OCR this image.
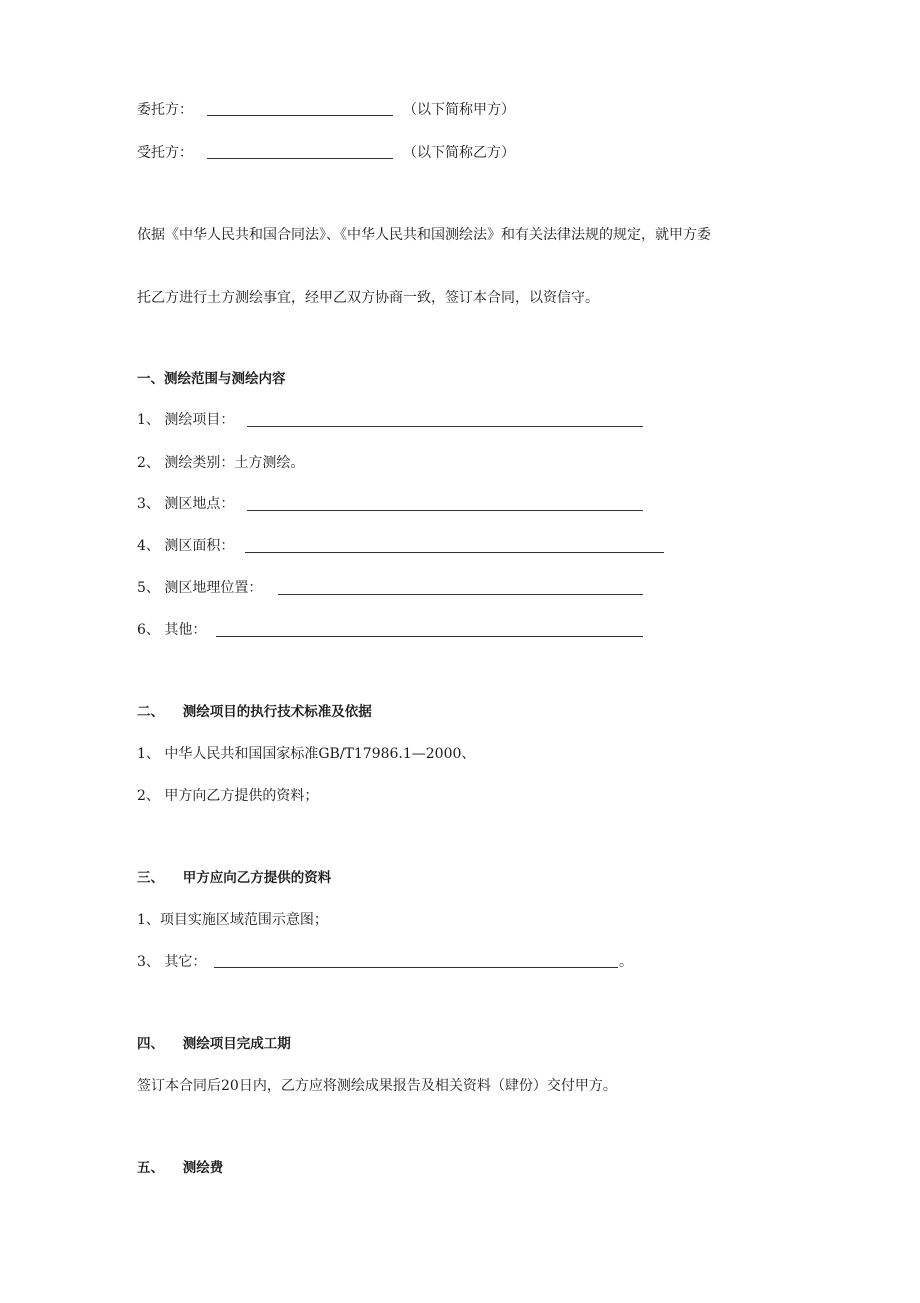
委托方：	（以下简称甲方）
受托方：	（以下简称乙方）
依据《中华人民共和国合同法》、《中华人民共和国测绘法》和有关法律法规的规定，就甲方委
托乙方进行土方测绘事宜，经甲乙双方协商一致，签订本合同，以资信守。
一、测绘范围与测绘内容
1、 测绘项目：
2、 测绘类别：土方测绘。
3、 测区地点：
4、 测区面积：
5、 测区地理位置：
6、 其他：
二、    测绘项目的执行技术标准及依据
1、 中华人民共和国国家标准GB/T17986.1—2000、
2、 甲方向乙方提供的资料；
三、    甲方应向乙方提供的资料
1、项目实施区域范围示意图；
3、 其它：	。
四、    测绘项目完成工期
签订本合同后20日内，乙方应将测绘成果报告及相关资料（肆份）交付甲方。
五、    测绘费
